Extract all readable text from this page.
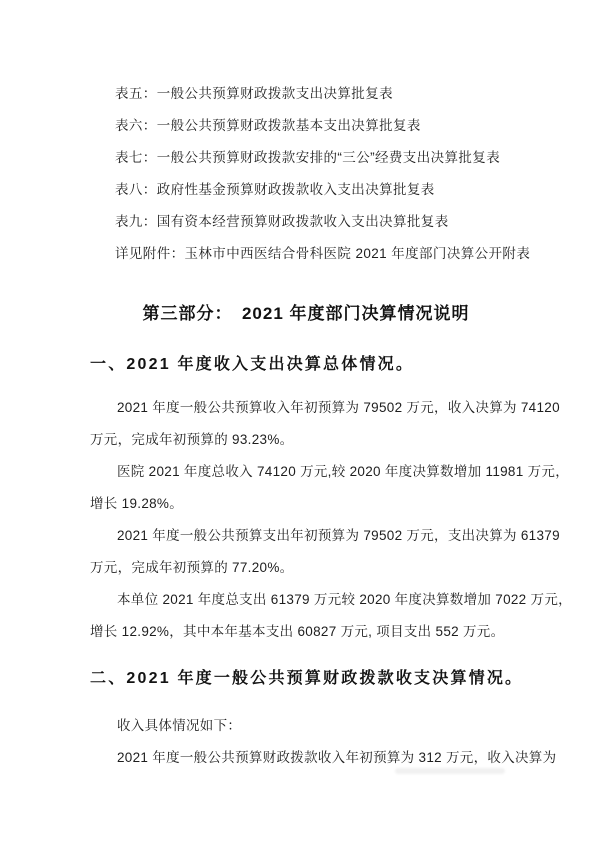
表五：一般公共预算财政拨款支出决算批复表
表六：一般公共预算财政拨款基本支出决算批复表
表七：一般公共预算财政拨款安排的“三公”经费支出决算批复表
表八：政府性基金预算财政拨款收入支出决算批复表
表九：国有资本经营预算财政拨款收入支出决算批复表
详见附件：玉林市中西医结合骨科医院 2021 年度部门决算公开附表
第三部分：　2021 年度部门决算情况说明
一、2021 年度收入支出决算总体情况。
2021 年度一般公共预算收入年初预算为 79502 万元，收入决算为 74120
万元，完成年初预算的 93.23%。
医院 2021 年度总收入 74120 万元,较 2020 年度决算数增加 11981 万元，
增长 19.28%。
2021 年度一般公共预算支出年初预算为 79502 万元，支出决算为 61379
万元，完成年初预算的 77.20%。
本单位 2021 年度总支出 61379 万元较 2020 年度决算数增加 7022 万元，
增长 12.92%，其中本年基本支出 60827 万元, 项目支出 552 万元。
二、2021 年度一般公共预算财政拨款收支决算情况。
收入具体情况如下：
2021 年度一般公共预算财政拨款收入年初预算为 312 万元，收入决算为
